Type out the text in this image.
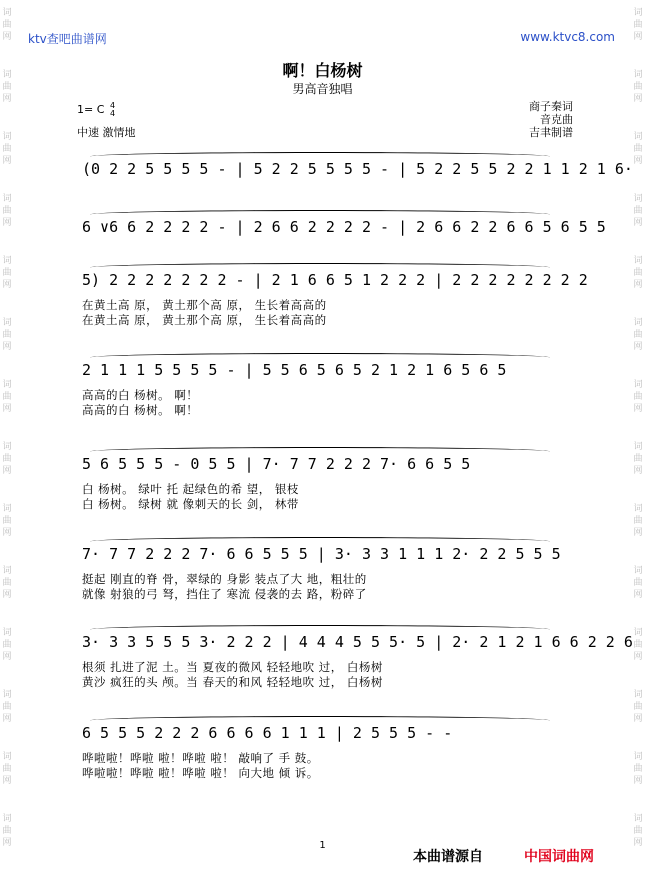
词
曲
网
词
曲
网
词
曲
网
词
曲
网
词
曲
网
词
曲
网
词
曲
网
词
曲
网
词
曲
网
词
曲
网
词
曲
网
词
曲
网
词
曲
网
词
曲
网
词
曲
网
词
曲
网
词
曲
网
词
曲
网
词
曲
网
词
曲
网
词
曲
网
词
曲
网
词
曲
网
词
曲
网
词
曲
网
词
曲
网
词
曲
网
词
曲
网
ktv查吧曲谱网	www.ktvc8.com
啊！白杨树
男高音独唱
1= C 4
4
中速 激情地
商子秦词
音克曲
吉聿制谱
(0 2 2 5 5 5 5 - | 5 2 2 5 5 5 5 - | 5 2 2 5 5 2 2 1 1 2 1 6·
6 ∨6 6 2 2 2 2 - | 2 6 6 2 2 2 2 - | 2 6 6 2 2 6 6 5 6 5 5
5) 2 2 2 2 2 2 2 - | 2 1 6 6 5 1 2 2 2 | 2 2 2 2 2 2 2 2
在黄土高 原， 黄土那个高 原， 生长着高高的
在黄土高 原， 黄土那个高 原， 生长着高高的
2 1 1 1 5 5 5 5 - | 5 5 6 5 6 5 2 1 2 1 6 5 6 5
高高的白 杨树。 啊！
高高的白 杨树。 啊！
5 6 5 5 5 - 0 5 5 | 7· 7 7 2 2 2 7· 6 6 5 5
白 杨树。 绿叶 托 起绿色的希 望， 银枝
白 杨树。 绿树 就 像刺天的长 剑， 林带
7· 7 7 2 2 2 7· 6 6 5 5 5 | 3· 3 3 1 1 1 2· 2 2 5 5 5
挺起 刚直的脊 骨，翠绿的 身影 装点了大 地，粗壮的
就像 射狼的弓 弩，挡住了 寒流 侵袭的去 路，粉碎了
3· 3 3 5 5 5 3· 2 2 2 | 4 4 4 5 5 5· 5 | 2· 2 1 2 1 6 6 2 2 6
根须 扎进了泥 土。当 夏夜的微风 轻轻地吹 过， 白杨树
黄沙 疯狂的头 颅。当 春天的和风 轻轻地吹 过， 白杨树
6 5 5 5 2 2 2 6 6 6 6 1 1 1 | 2 5 5 5 - -
哗啦啦！哗啦 啦！哗啦 啦！ 敲响了 手 鼓。
哗啦啦！哗啦 啦！哗啦 啦！ 向大地 倾 诉。
1
本曲谱源自	中国词曲网
